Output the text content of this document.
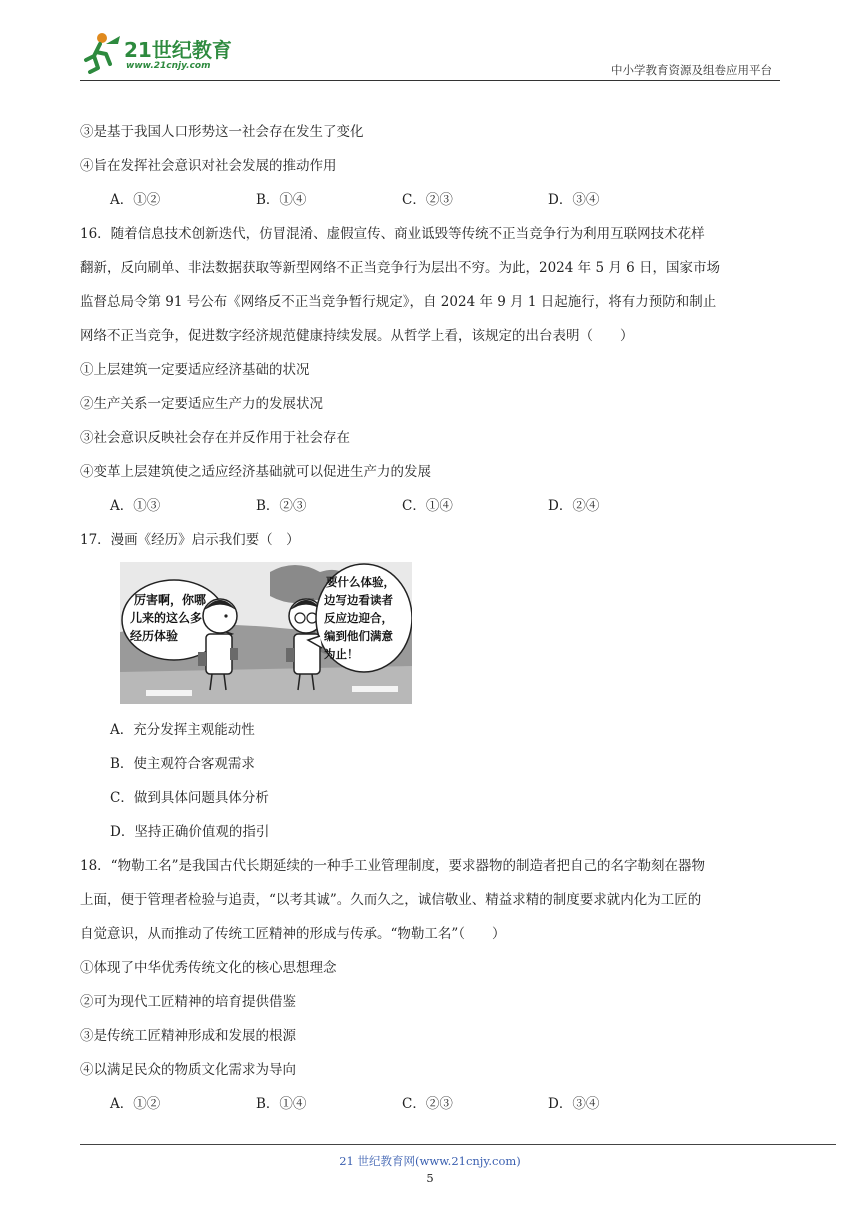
21世纪教育
www.21cnjy.com	中小学教育资源及组卷应用平台
③是基于我国人口形势这一社会存在发生了变化
④旨在发挥社会意识对社会发展的推动作用
A．①②	B．①④	C．②③	D．③④
16．随着信息技术创新迭代，仿冒混淆、虚假宣传、商业诋毁等传统不正当竞争行为利用互联网技术花样
翻新，反向刷单、非法数据获取等新型网络不正当竞争行为层出不穷。为此，2024 年 5 月 6 日，国家市场
监督总局令第 91 号公布《网络反不正当竞争暂行规定》，自 2024 年 9 月 1 日起施行，将有力预防和制止
网络不正当竞争，促进数字经济规范健康持续发展。从哲学上看，该规定的出台表明（　　）
①上层建筑一定要适应经济基础的状况
②生产关系一定要适应生产力的发展状况
③社会意识反映社会存在并反作用于社会存在
④变革上层建筑使之适应经济基础就可以促进生产力的发展
A．①③	B．②③	C．①④	D．②④
17．漫画《经历》启示我们要（　）
厉害啊，你哪
儿来的这么多
经历体验
要什么体验，
边写边看读者
反应边迎合，
编到他们满意
为止！
A．充分发挥主观能动性
B．使主观符合客观需求
C．做到具体问题具体分析
D．坚持正确价值观的指引
18．“物勒工名”是我国古代长期延续的一种手工业管理制度，要求器物的制造者把自己的名字勒刻在器物
上面，便于管理者检验与追责，“以考其诚”。久而久之，诚信敬业、精益求精的制度要求就内化为工匠的
自觉意识，从而推动了传统工匠精神的形成与传承。“物勒工名”（　　）
①体现了中华优秀传统文化的核心思想理念
②可为现代工匠精神的培育提供借鉴
③是传统工匠精神形成和发展的根源
④以满足民众的物质文化需求为导向
A．①②	B．①④	C．②③	D．③④
21 世纪教育网(www.21cnjy.com)
5
